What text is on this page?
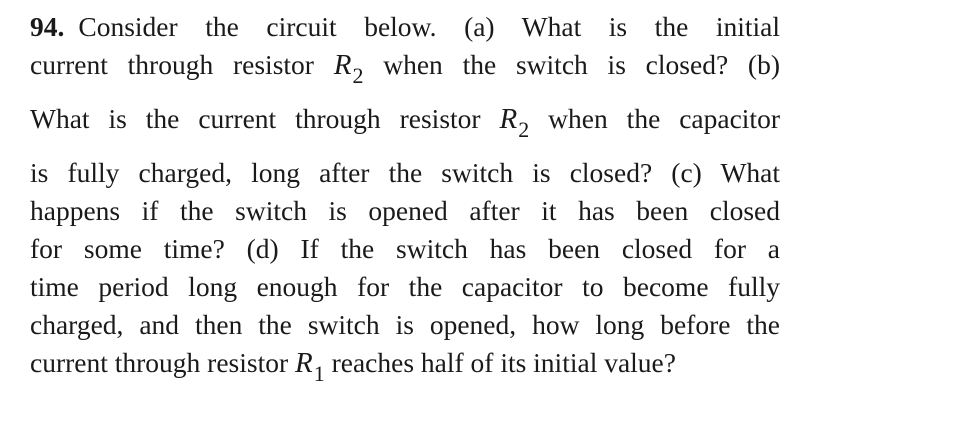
94. Consider the circuit below. (a) What is the initial
current through resistor $R_2$ when the switch is closed? (b)
What is the current through resistor $R_2$ when the capacitor
is fully charged, long after the switch is closed? (c) What
happens if the switch is opened after it has been closed
for some time? (d) If the switch has been closed for a
time period long enough for the capacitor to become fully
charged, and then the switch is opened, how long before the
current through resistor $R_1$ reaches half of its initial value?
